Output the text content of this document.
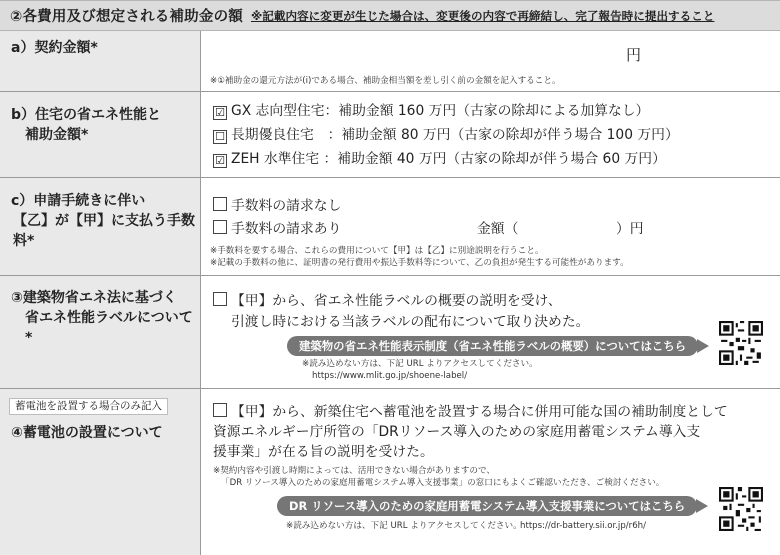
②各費用及び想定される補助金の額 ※記載内容に変更が生じた場合は、変更後の内容で再締結し、完了報告時に提出すること
a）契約金額*	円
※①補助金の還元方法が(ⅰ)である場合、補助金相当額を差し引く前の金額を記入すること。
b）住宅の省エネ性能と
補助金額*
☑ GX 志向型住宅：補助金額 160 万円（古家の除却による加算なし）
☐ 長期優良住宅　：補助金額 80 万円（古家の除却が伴う場合 100 万円）
☑ ZEH 水準住宅 ：補助金額 40 万円（古家の除却が伴う場合 60 万円）
c）申請手続きに伴い
【乙】が【甲】に支払う手数料*
手数料の請求なし
手数料の請求あり	金額（	）円
※手数料を要する場合、これらの費用について【甲】は【乙】に別途説明を行うこと。
※記載の手数料の他に、証明書の発行費用や振込手数料等について、乙の負担が発生する可能性があります。
③建築物省エネ法に基づく
省エネ性能ラベルについて*
【甲】から、省エネ性能ラベルの概要の説明を受け、
引渡し時における当該ラベルの配布について取り決めた。
建築物の省エネ性能表示制度（省エネ性能ラベルの概要）についてはこちら
※読み込めない方は、下記 URL よりアクセスしてください。
https://www.mlit.go.jp/shoene-label/
蓄電池を設置する場合のみ記入
④蓄電池の設置について
【甲】から、新築住宅へ蓄電池を設置する場合に併用可能な国の補助制度として
資源エネルギー庁所管の「DRリソース導入のための家庭用蓄電システム導入支
援事業」が在る旨の説明を受けた。
※契約内容や引渡し時期によっては、活用できない場合がありますので、
「DR リソース導入のための家庭用蓄電システム導入支援事業」の窓口にもよくご確認いただき、ご検討ください。
DR リソース導入のための家庭用蓄電システム導入支援事業についてはこちら
※読み込めない方は、下記 URL よりアクセスしてください。
https://dr-battery.sii.or.jp/r6h/
